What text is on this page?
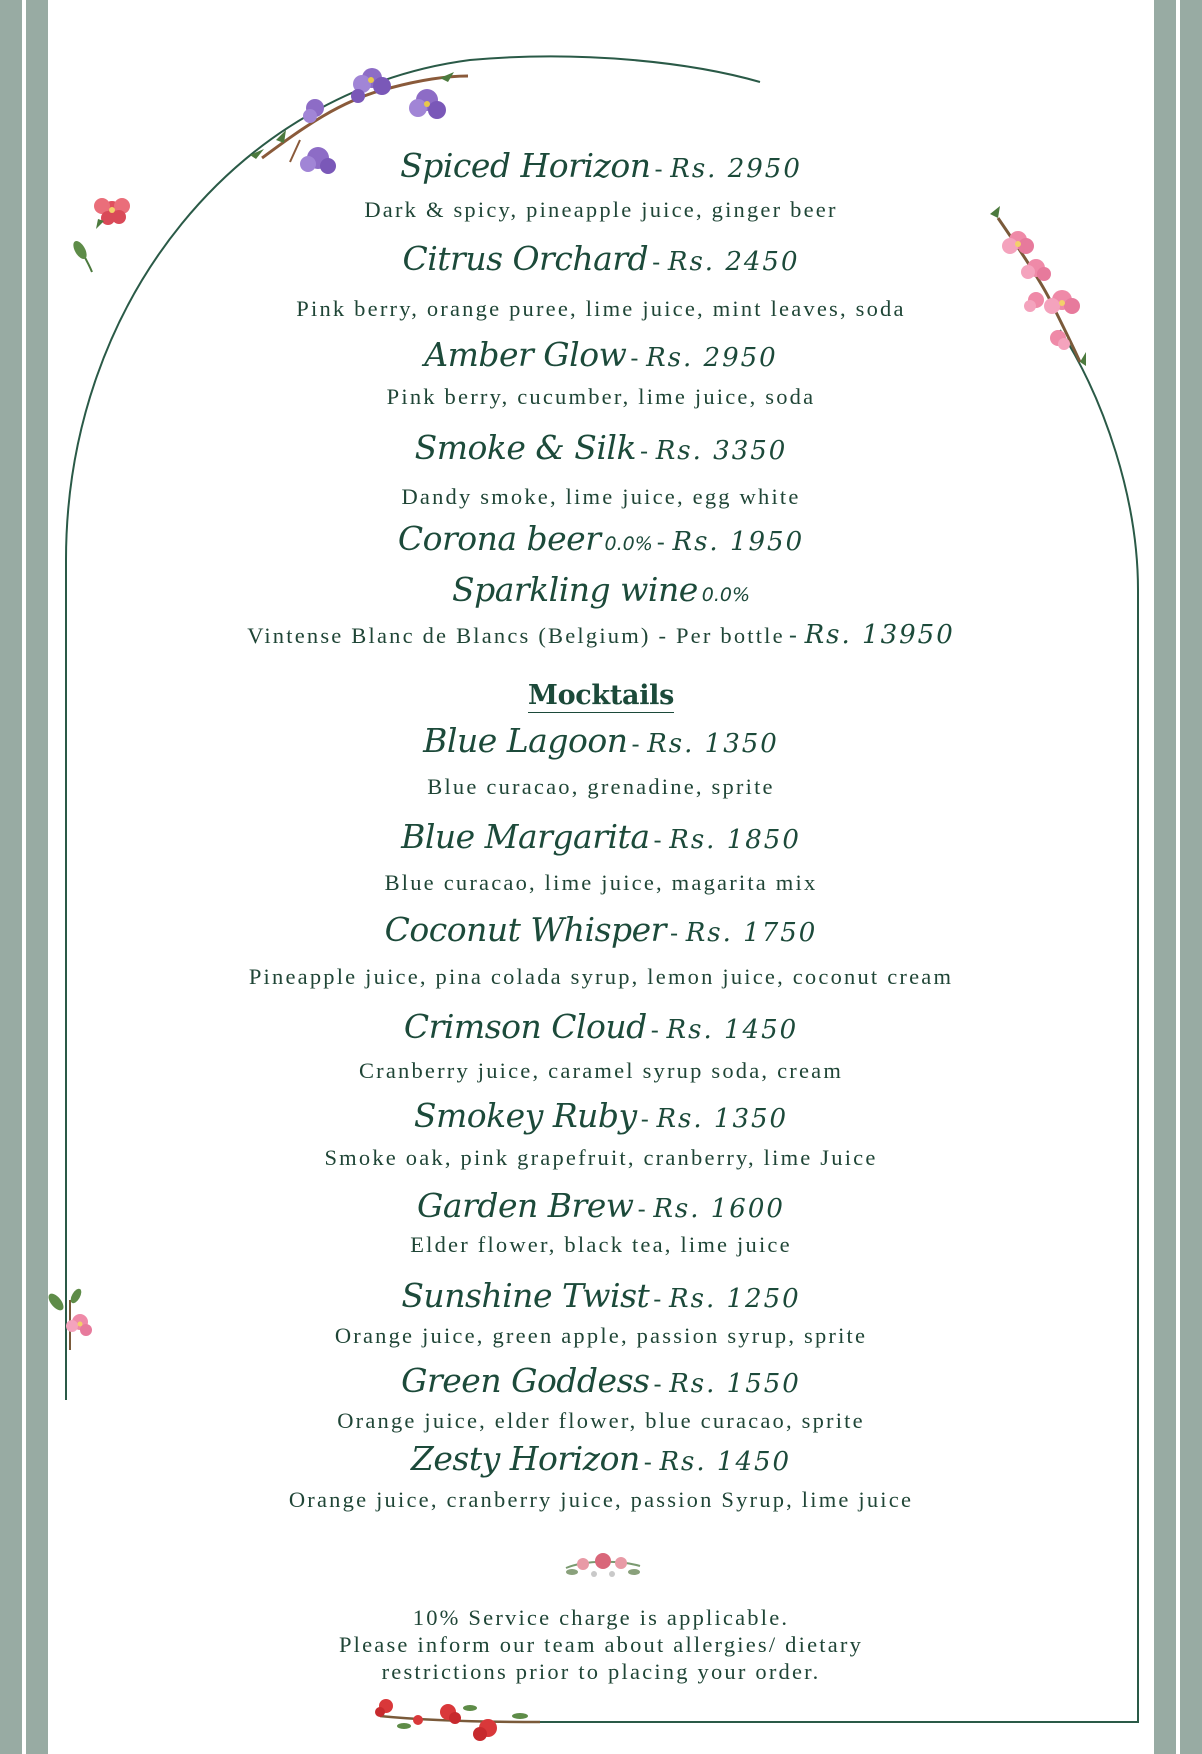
Spiced Horizon - Rs. 2950
Dark & spicy, pineapple juice, ginger beer
Citrus Orchard - Rs. 2450
Pink berry, orange puree, lime juice, mint leaves, soda
Amber Glow - Rs. 2950
Pink berry, cucumber, lime juice, soda
Smoke & Silk - Rs. 3350
Dandy smoke, lime juice, egg white
Corona beer 0.0% - Rs. 1950
Sparkling wine 0.0%
Vintense Blanc de Blancs (Belgium) - Per bottle - Rs. 13950
Mocktails
Blue Lagoon - Rs. 1350
Blue curacao, grenadine, sprite
Blue Margarita - Rs. 1850
Blue curacao, lime juice, magarita mix
Coconut Whisper - Rs. 1750
Pineapple juice, pina colada syrup, lemon juice, coconut cream
Crimson Cloud - Rs. 1450
Cranberry juice, caramel syrup soda, cream
Smokey Ruby - Rs. 1350
Smoke oak, pink grapefruit, cranberry, lime Juice
Garden Brew - Rs. 1600
Elder flower, black tea, lime juice
Sunshine Twist - Rs. 1250
Orange juice, green apple, passion syrup, sprite
Green Goddess - Rs. 1550
Orange juice, elder flower, blue curacao, sprite
Zesty Horizon - Rs. 1450
Orange juice, cranberry juice, passion Syrup, lime juice
10% Service charge is applicable.
Please inform our team about allergies/ dietary
restrictions prior to placing your order.
